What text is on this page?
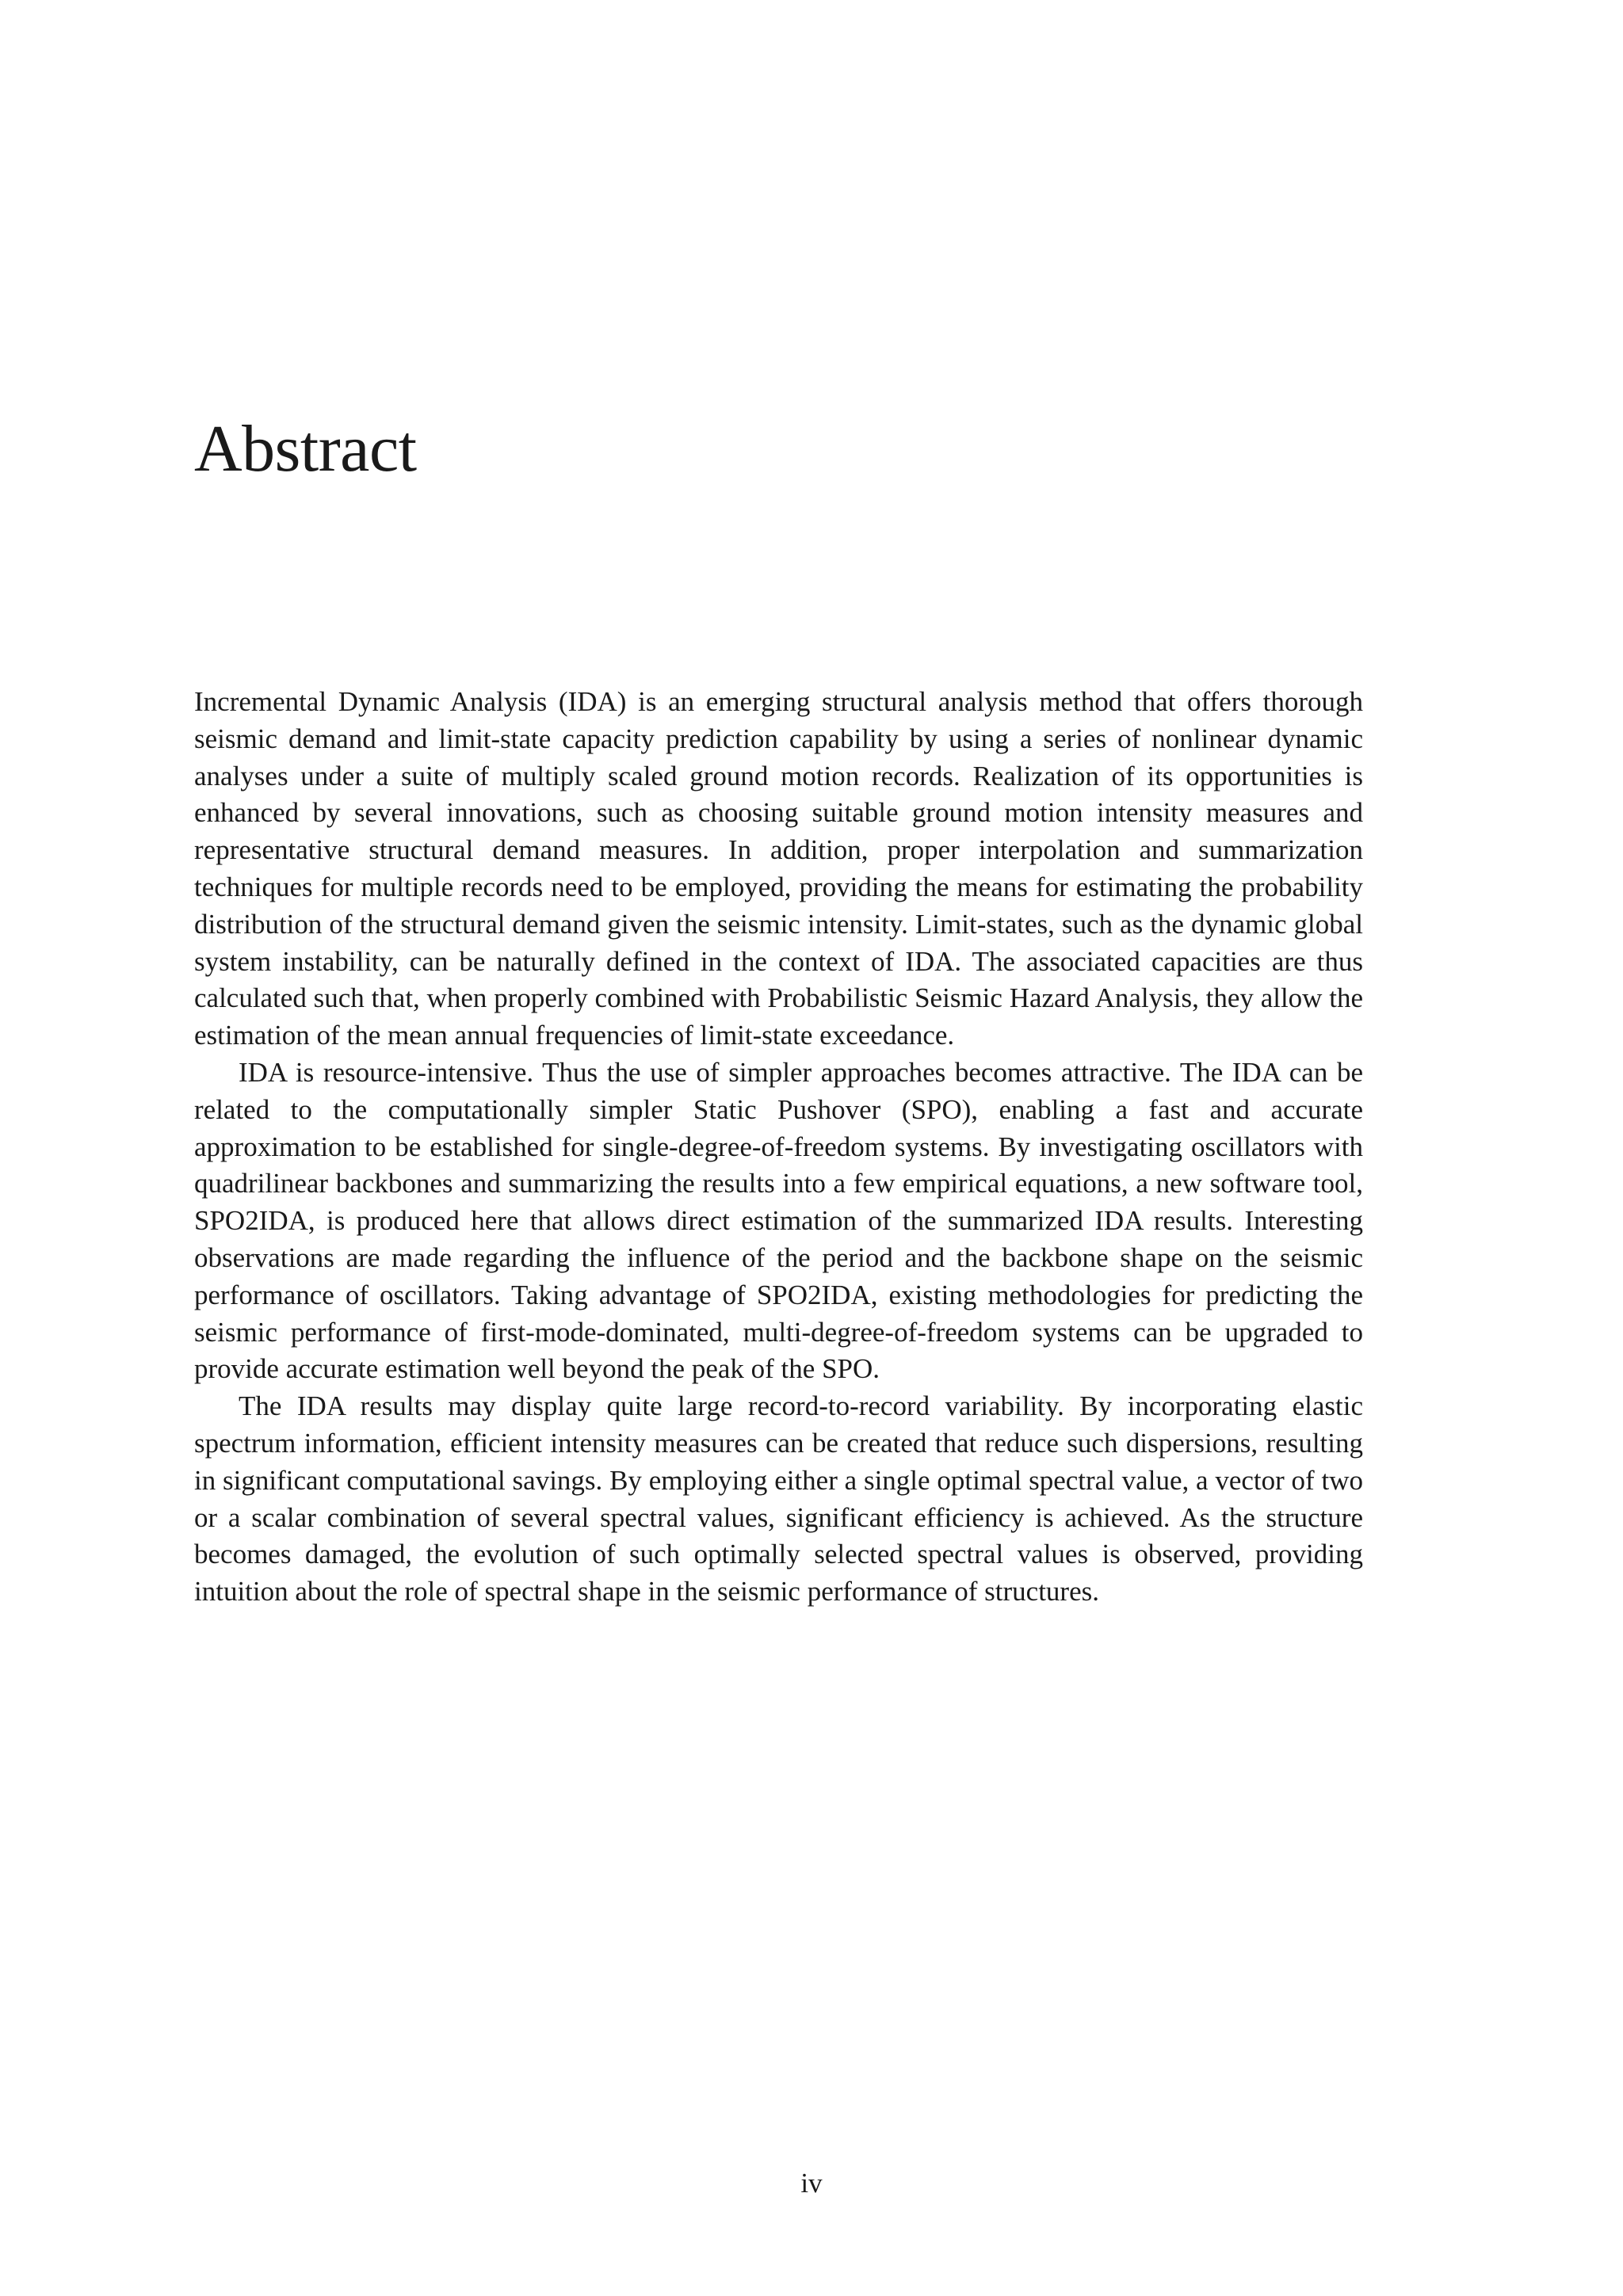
Abstract

Incremental Dynamic Analysis (IDA) is an emerging structural analysis method that offers thorough seismic demand and limit-state capacity prediction capability by using a series of nonlinear dynamic analyses under a suite of multiply scaled ground motion records. Realization of its opportunities is enhanced by several innovations, such as choosing suitable ground motion intensity measures and representative structural demand measures. In addition, proper interpolation and summarization techniques for multiple records need to be employed, providing the means for estimating the probability distribution of the structural demand given the seismic intensity. Limit-states, such as the dynamic global system instability, can be naturally defined in the context of IDA. The associated capacities are thus calculated such that, when properly combined with Probabilistic Seismic Hazard Analysis, they allow the estimation of the mean annual frequencies of limit-state exceedance.

IDA is resource-intensive. Thus the use of simpler approaches becomes attractive. The IDA can be related to the computationally simpler Static Pushover (SPO), enabling a fast and accurate approximation to be established for single-degree-of-freedom systems. By investigating oscillators with quadrilinear backbones and summarizing the results into a few empirical equations, a new software tool, SPO2IDA, is produced here that allows direct estimation of the summarized IDA results. Interesting observations are made regarding the influence of the period and the backbone shape on the seismic performance of oscillators. Taking advantage of SPO2IDA, existing methodologies for predicting the seismic performance of first-mode-dominated, multi-degree-of-freedom systems can be upgraded to provide accurate estimation well beyond the peak of the SPO.

The IDA results may display quite large record-to-record variability. By incorporating elastic spectrum information, efficient intensity measures can be created that reduce such dispersions, resulting in significant computational savings. By employing either a single optimal spectral value, a vector of two or a scalar combination of several spectral values, significant efficiency is achieved. As the structure becomes damaged, the evolution of such optimally selected spectral values is observed, providing intuition about the role of spectral shape in the seismic performance of structures.

iv
